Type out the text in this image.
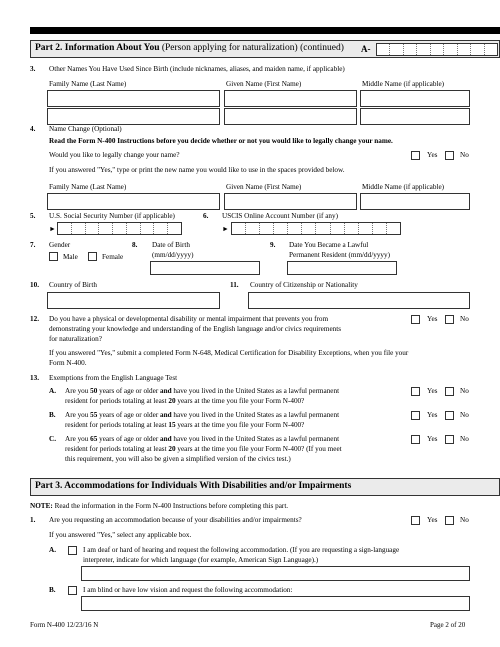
Part 2. Information About You (Person applying for naturalization) (continued) A-
3. Other Names You Have Used Since Birth (include nicknames, aliases, and maiden name, if applicable)
Family Name (Last Name)	Given Name (First Name)	Middle Name (if applicable)
4. Name Change (Optional)
Read the Form N-400 Instructions before you decide whether or not you would like to legally change your name.
Would you like to legally change your name?	Yes	No
If you answered "Yes," type or print the new name you would like to use in the spaces provided below.
Family Name (Last Name)	Given Name (First Name)	Middle Name (if applicable)
5. U.S. Social Security Number (if applicable)
►
6. USCIS Online Account Number (if any)
►
7. Gender
Male	Female
8. Date of Birth
(mm/dd/yyyy)
9. Date You Became a Lawful
Permanent Resident (mm/dd/yyyy)
10. Country of Birth	11. Country of Citizenship or Nationality
12. Do you have a physical or developmental disability or mental impairment that prevents you from
demonstrating your knowledge and understanding of the English language and/or civics requirements
for naturalization?
Yes	No
If you answered "Yes," submit a completed Form N-648, Medical Certification for Disability Exceptions, when you file your
Form N-400.
13. Exemptions from the English Language Test
A. Are you 50 years of age or older and have you lived in the United States as a lawful permanent
resident for periods totaling at least 20 years at the time you file your Form N-400?
Yes	No
B. Are you 55 years of age or older and have you lived in the United States as a lawful permanent
resident for periods totaling at least 15 years at the time you file your Form N-400?
Yes	No
C. Are you 65 years of age or older and have you lived in the United States as a lawful permanent
resident for periods totaling at least 20 years at the time you file your Form N-400? (If you meet
this requirement, you will also be given a simplified version of the civics test.)
Yes	No
Part 3. Accommodations for Individuals With Disabilities and/or Impairments
NOTE: Read the information in the Form N-400 Instructions before completing this part.
1. Are you requesting an accommodation because of your disabilities and/or impairments?	Yes	No
If you answered "Yes," select any applicable box.
A.	I am deaf or hard of hearing and request the following accommodation. (If you are requesting a sign-language
interpreter, indicate for which language (for example, American Sign Language).)
B.	I am blind or have low vision and request the following accommodation:
Form N-400 12/23/16 N	Page 2 of 20
